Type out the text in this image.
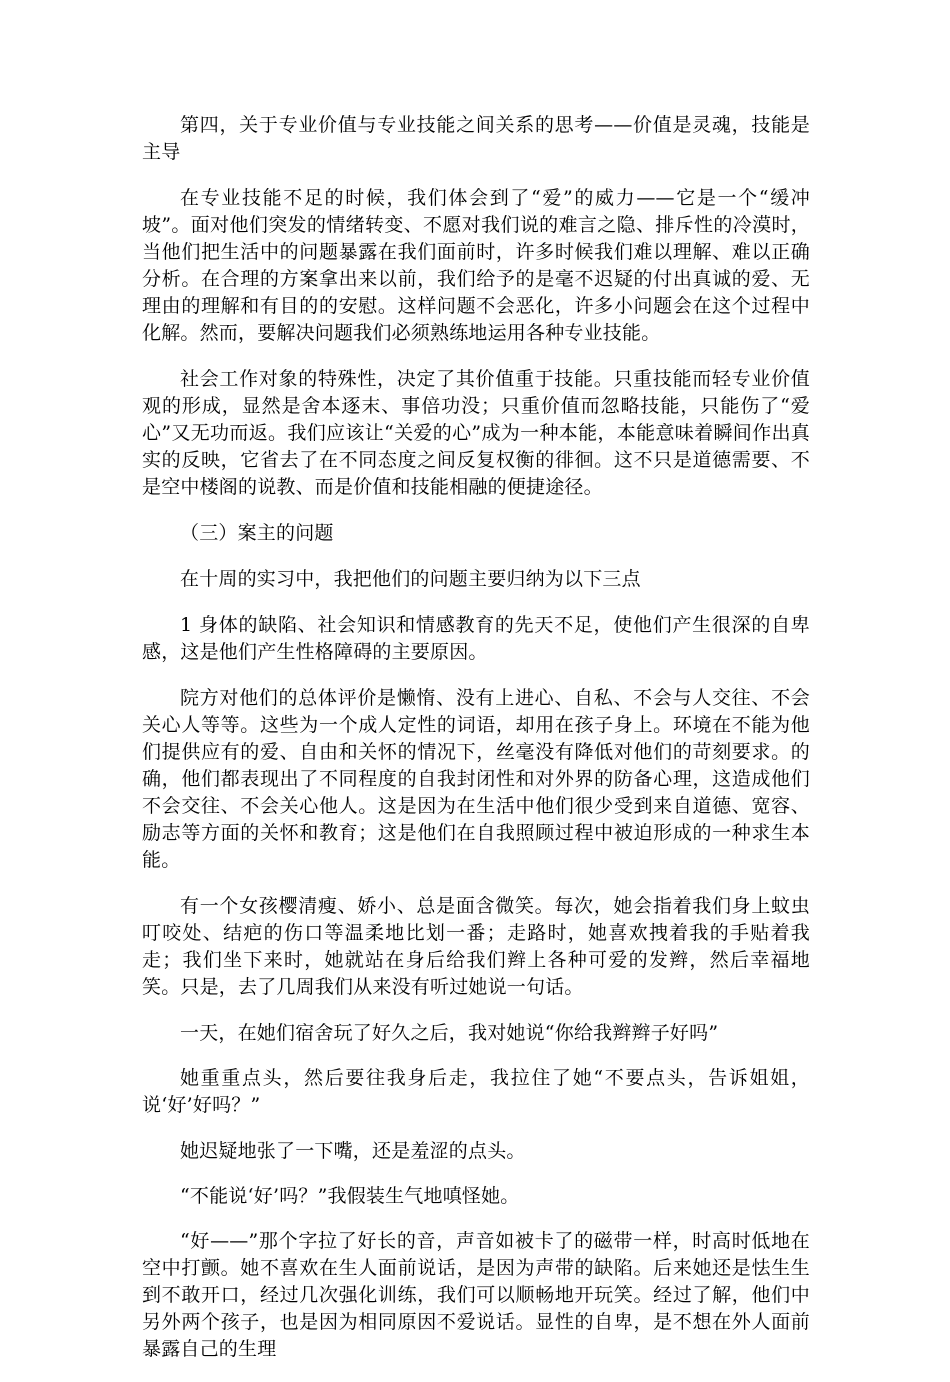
第四，关于专业价值与专业技能之间关系的思考——价值是灵魂，技能是主导

在专业技能不足的时候，我们体会到了“爱”的威力——它是一个“缓冲坡”。面对他们突发的情绪转变、不愿对我们说的难言之隐、排斥性的冷漠时，当他们把生活中的问题暴露在我们面前时，许多时候我们难以理解、难以正确分析。在合理的方案拿出来以前，我们给予的是毫不迟疑的付出真诚的爱、无理由的理解和有目的的安慰。这样问题不会恶化，许多小问题会在这个过程中化解。然而，要解决问题我们必须熟练地运用各种专业技能。

社会工作对象的特殊性，决定了其价值重于技能。只重技能而轻专业价值观的形成，显然是舍本逐末、事倍功没；只重价值而忽略技能，只能伤了“爱心”又无功而返。我们应该让“关爱的心”成为一种本能，本能意味着瞬间作出真实的反映，它省去了在不同态度之间反复权衡的徘徊。这不只是道德需要、不是空中楼阁的说教、而是价值和技能相融的便捷途径。

（三）案主的问题

在十周的实习中，我把他们的问题主要归纳为以下三点

1 身体的缺陷、社会知识和情感教育的先天不足，使他们产生很深的自卑感，这是他们产生性格障碍的主要原因。

院方对他们的总体评价是懒惰、没有上进心、自私、不会与人交往、不会关心人等等。这些为一个成人定性的词语，却用在孩子身上。环境在不能为他们提供应有的爱、自由和关怀的情况下，丝毫没有降低对他们的苛刻要求。的确，他们都表现出了不同程度的自我封闭性和对外界的防备心理，这造成他们不会交往、不会关心他人。这是因为在生活中他们很少受到来自道德、宽容、励志等方面的关怀和教育；这是他们在自我照顾过程中被迫形成的一种求生本能。

有一个女孩樱清瘦、娇小、总是面含微笑。每次，她会指着我们身上蚊虫叮咬处、结疤的伤口等温柔地比划一番；走路时，她喜欢拽着我的手贴着我走；我们坐下来时，她就站在身后给我们辫上各种可爱的发辫，然后幸福地笑。只是，去了几周我们从来没有听过她说一句话。

一天，在她们宿舍玩了好久之后，我对她说“你给我辫辫子好吗”

她重重点头，然后要往我身后走，我拉住了她“不要点头，告诉姐姐，说‘好’好吗？”

她迟疑地张了一下嘴，还是羞涩的点头。

“不能说‘好’吗？”我假装生气地嗔怪她。

“好——”那个字拉了好长的音，声音如被卡了的磁带一样，时高时低地在空中打颤。她不喜欢在生人面前说话，是因为声带的缺陷。后来她还是怯生生到不敢开口，经过几次强化训练，我们可以顺畅地开玩笑。经过了解，他们中另外两个孩子，也是因为相同原因不爱说话。显性的自卑，是不想在外人面前暴露自己的生理
